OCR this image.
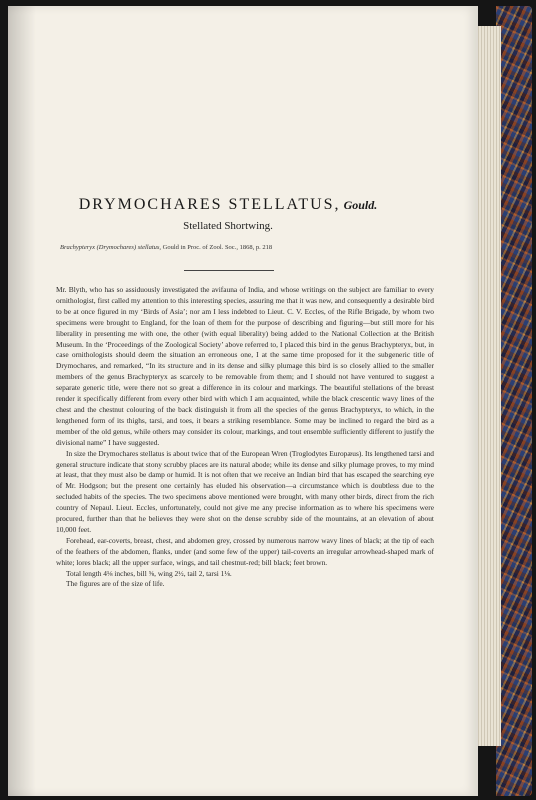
DRYMOCHARES STELLATUS, Gould.
Stellated Shortwing.
Brachypteryx (Drymochares) stellatus, Gould in Proc. of Zool. Soc., 1868, p. 218

Mr. Blyth, who has so assiduously investigated the avifauna of India, and whose writings on the subject are familiar to every ornithologist, first called my attention to this interesting species, assuring me that it was new, and consequently a desirable bird to be at once figured in my ‘Birds of Asia’; nor am I less indebted to Lieut. C. V. Eccles, of the Rifle Brigade, by whom two specimens were brought to England, for the loan of them for the purpose of describing and figuring—but still more for his liberality in presenting me with one, the other (with equal liberality) being added to the National Collection at the British Museum. In the ‘Proceedings of the Zoological Society’ above referred to, I placed this bird in the genus Brachypteryx, but, in case ornithologists should deem the situation an erroneous one, I at the same time proposed for it the subgeneric title of Drymochares, and remarked, “In its structure and in its dense and silky plumage this bird is so closely allied to the smaller members of the genus Brachypteryx as scarcely to be removable from them; and I should not have ventured to suggest a separate generic title, were there not so great a difference in its colour and markings. The beautiful stellations of the breast render it specifically different from every other bird with which I am acquainted, while the black crescentic wavy lines of the chest and the chestnut colouring of the back distinguish it from all the species of the genus Brachypteryx, to which, in the lengthened form of its thighs, tarsi, and toes, it bears a striking resemblance. Some may be inclined to regard the bird as a member of the old genus, while others may consider its colour, markings, and tout ensemble sufficiently different to justify the divisional name” I have suggested.

In size the Drymochares stellatus is about twice that of the European Wren (Troglodytes Europæus). Its lengthened tarsi and general structure indicate that stony scrubby places are its natural abode; while its dense and silky plumage proves, to my mind at least, that they must also be damp or humid. It is not often that we receive an Indian bird that has escaped the searching eye of Mr. Hodgson; but the present one certainly has eluded his observation—a circumstance which is doubtless due to the secluded habits of the species. The two specimens above mentioned were brought, with many other birds, direct from the rich country of Nepaul. Lieut. Eccles, unfortunately, could not give me any precise information as to where his specimens were procured, further than that he believes they were shot on the dense scrubby side of the mountains, at an elevation of about 10,000 feet.

Forehead, ear-coverts, breast, chest, and abdomen grey, crossed by numerous narrow wavy lines of black; at the tip of each of the feathers of the abdomen, flanks, under (and some few of the upper) tail-coverts an irregular arrowhead-shaped mark of white; lores black; all the upper surface, wings, and tail chestnut-red; bill black; feet brown.

Total length 4⅛ inches, bill ⅝, wing 2½, tail 2, tarsi 1⅛.

The figures are of the size of life.
